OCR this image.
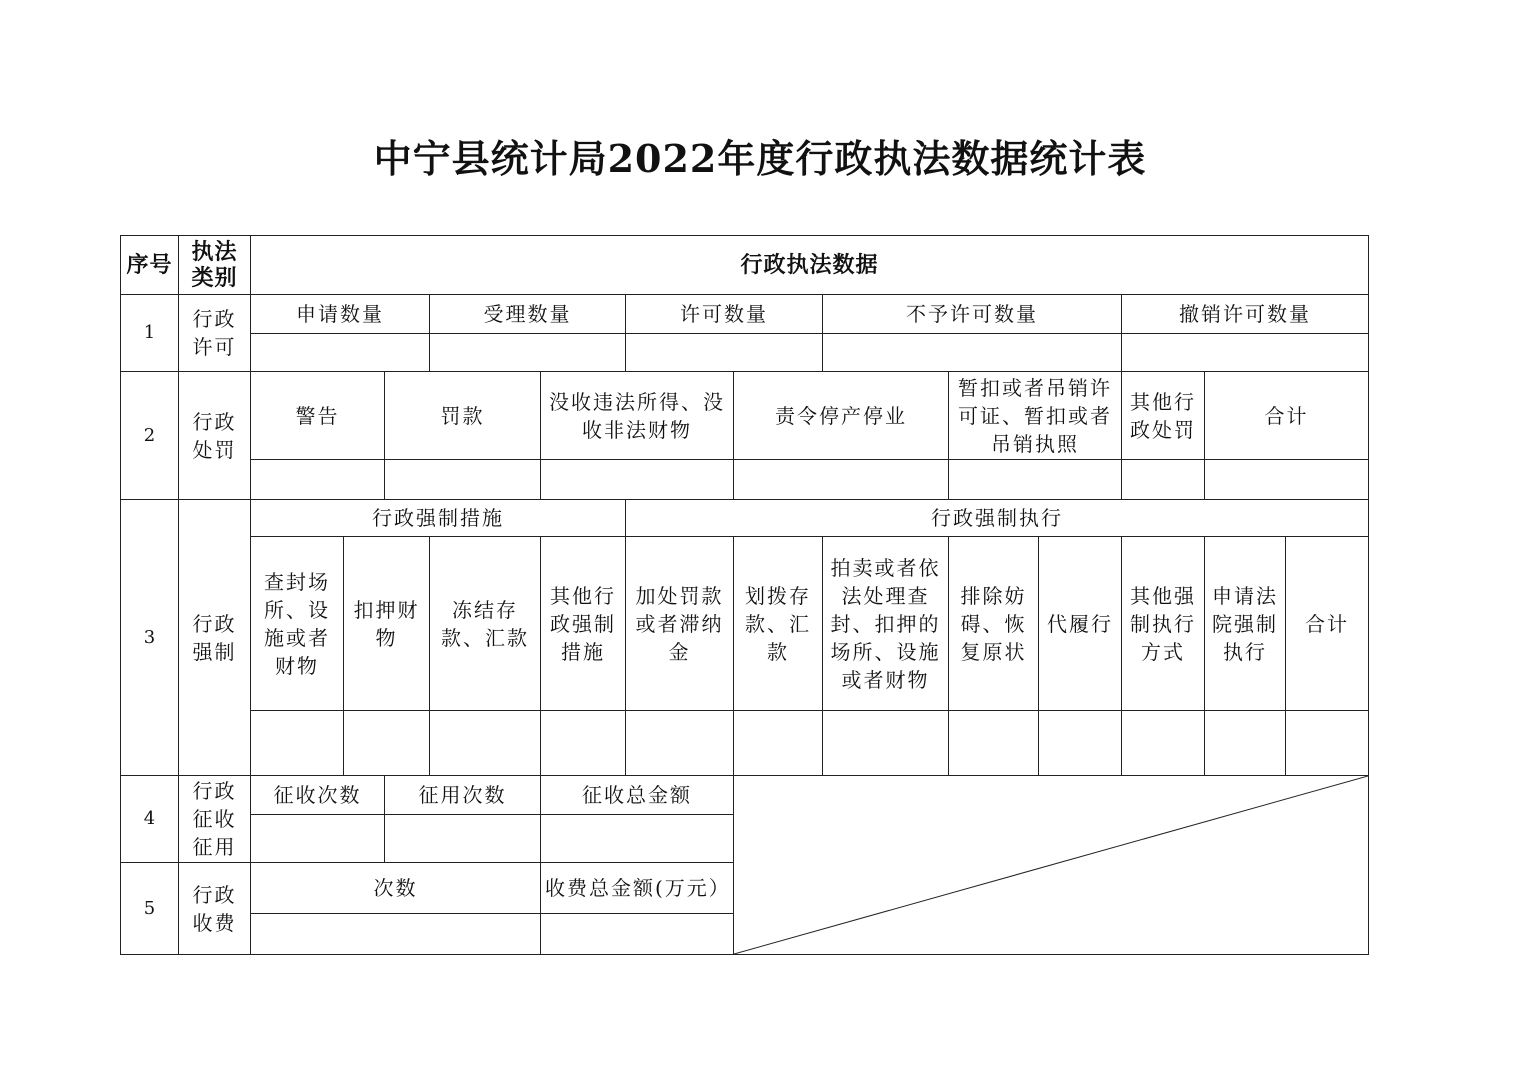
中宁县统计局2022年度行政执法数据统计表
序号	执法类别	行政执法数据												
1	行政许可	申请数量			受理数量		许可数量		不予许可数量			撤销许可数量		

2	行政处罚	警告		罚款		没收违法所得、没收非法财物		责令停产停业		暂扣或者吊销许可证、暂扣或者吊销执照		其他行政处罚	合计	

3	行政强制	行政强制措施					行政强制执行							
		查封场所、设施或者财物	扣押财物		冻结存款、汇款	其他行政强制措施	加处罚款或者滞纳金	划拨存款、汇款	拍卖或者依法处理查封、扣押的场所、设施或者财物	排除妨碍、恢复原状	代履行	其他强制执行方式	申请法院强制执行	合计

4	行政征收征用	征收次数		征用次数		征收总金额	

5	行政收费	次数				收费总金额(万元）								
